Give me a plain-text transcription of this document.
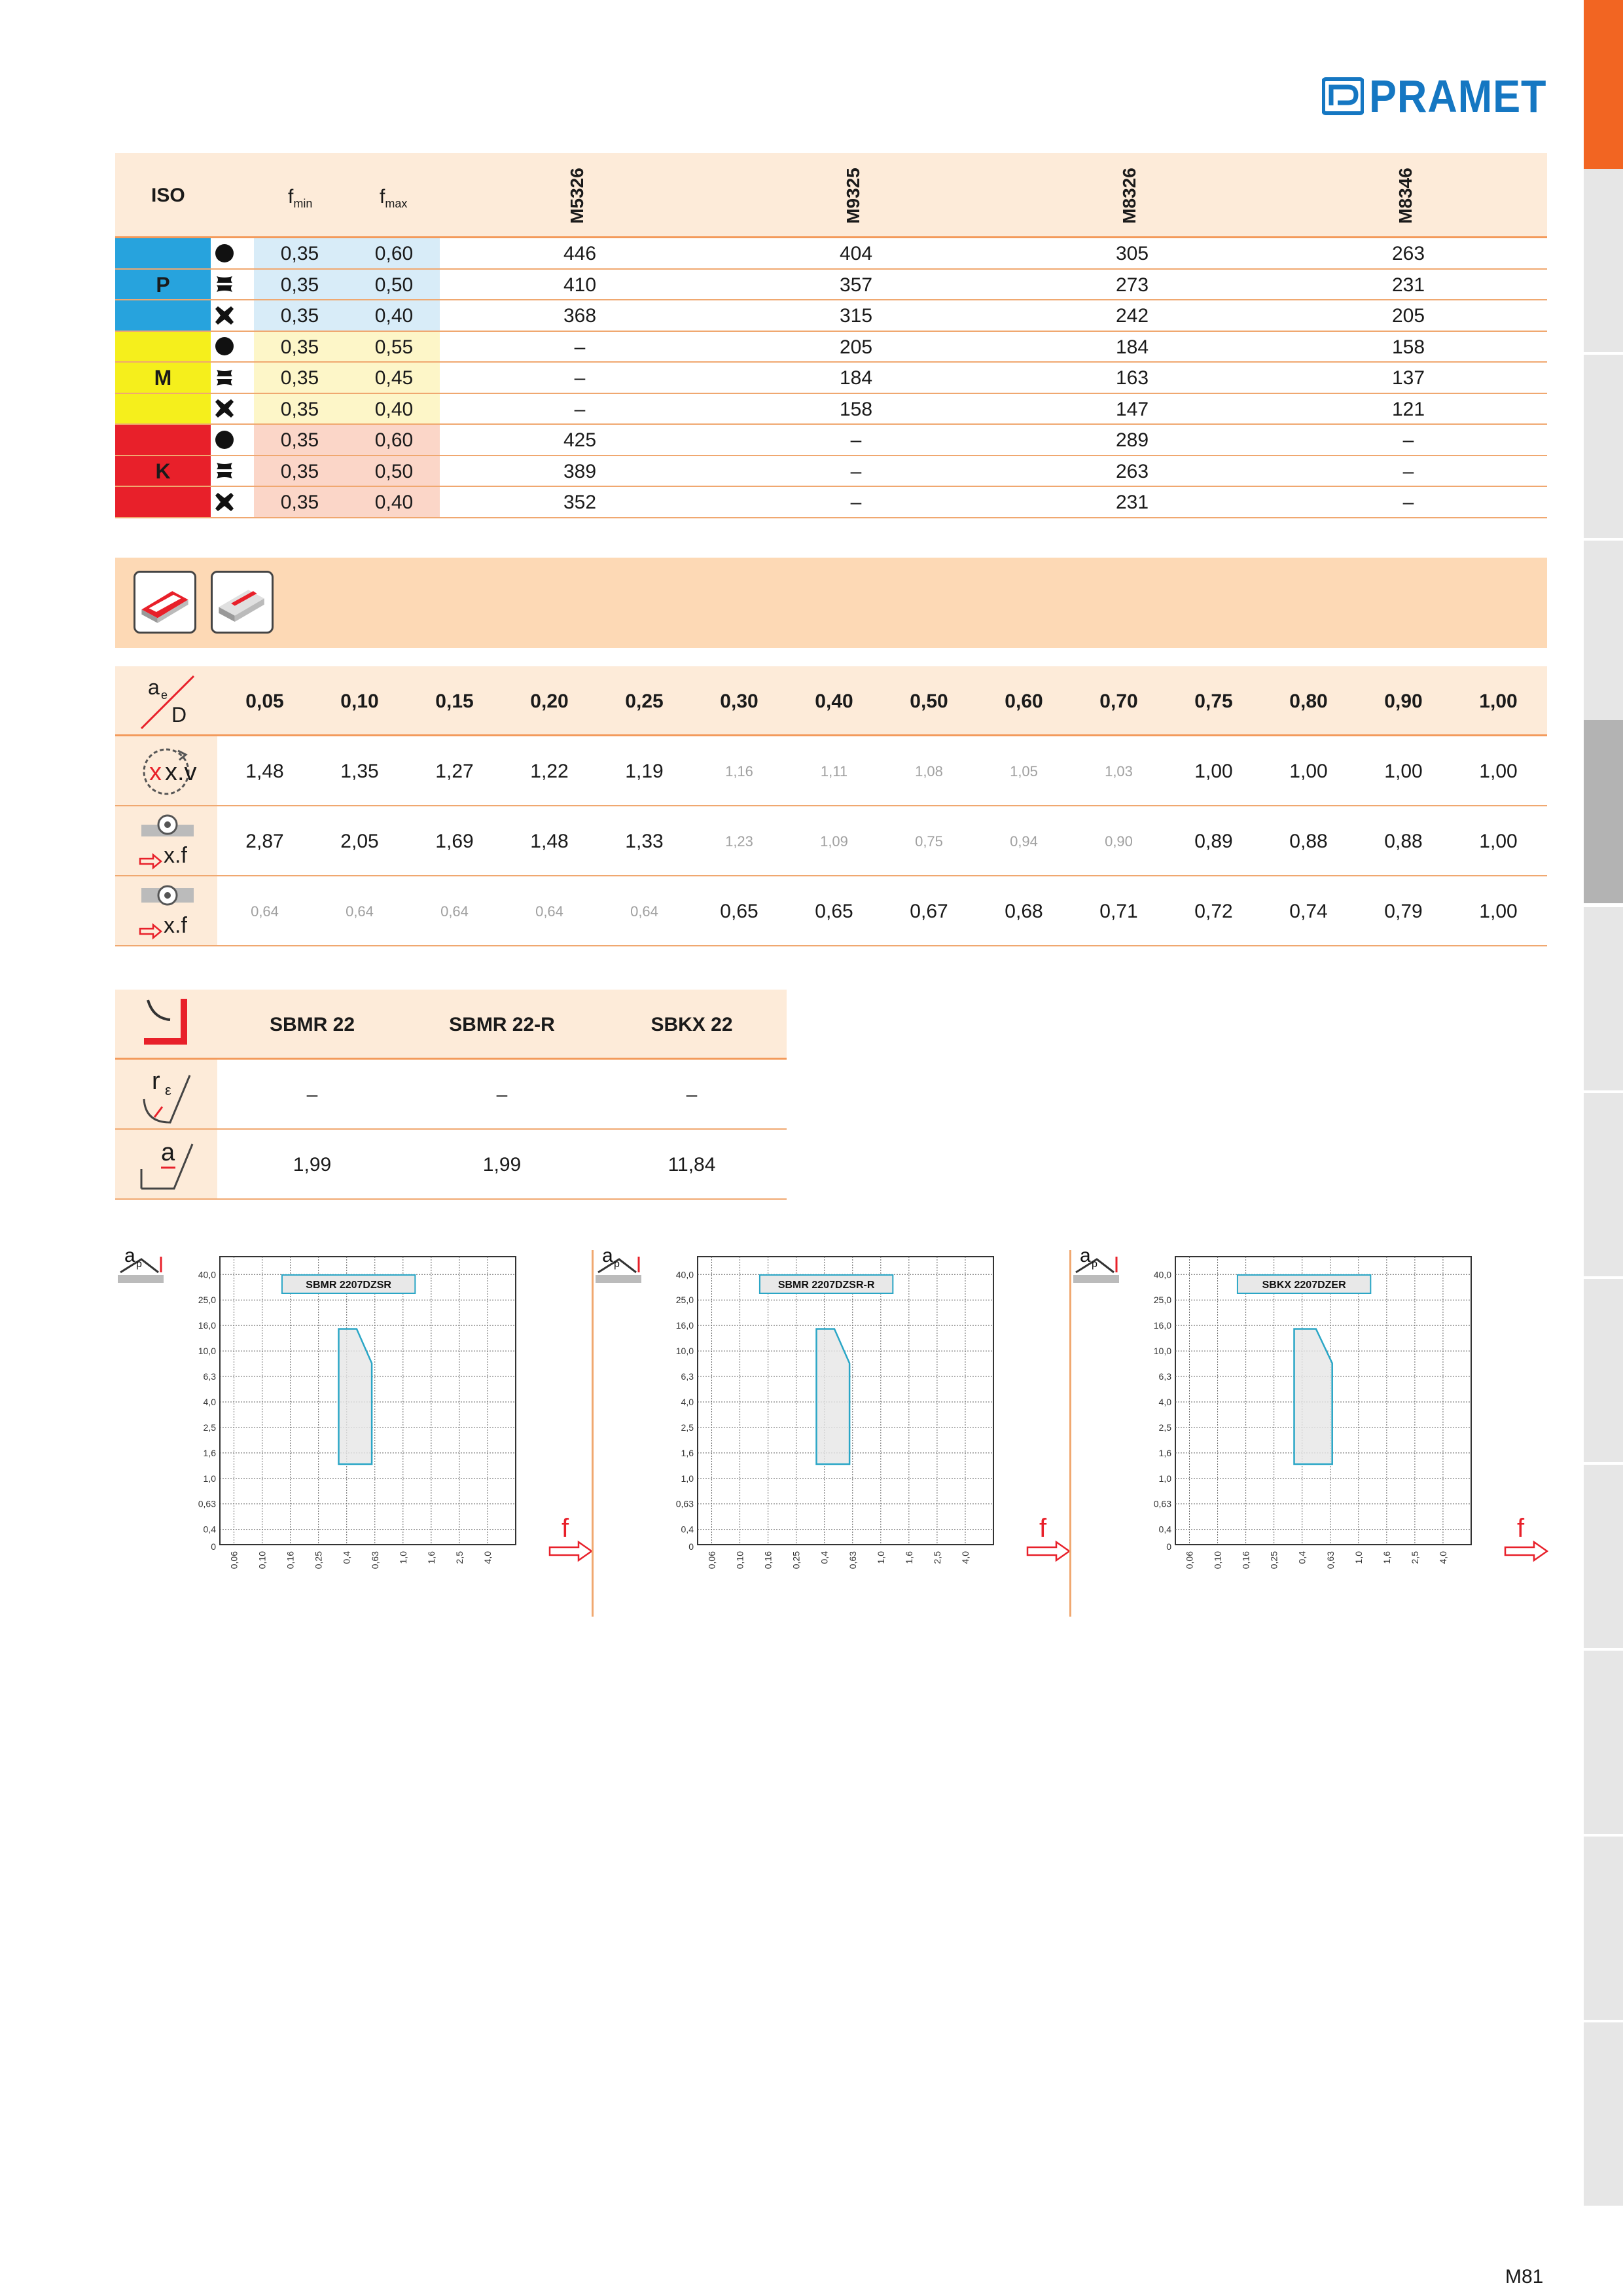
PRAMET
ISO	$f_{min}$	$f_{max}$	M5326	M9325	M8326	M8346
P
0,35	0,60	446	404	305	263
0,35	0,50	410	357	273	231
0,35	0,40	368	315	242	205
M
0,35	0,55	–	205	184	158
0,35	0,45	–	184	163	137
0,35	0,40	–	158	147	121
K
0,35	0,60	425	–	289	–
0,35	0,50	389	–	263	–
0,35	0,40	352	–	231	–
a e
D
0,05	0,10	0,15	0,20	0,25	0,30	0,40	0,50	0,60	0,70	0,75	0,80	0,90	1,00
x x.v	1,48	1,35	1,27	1,22	1,19	1,16	1,11	1,08	1,05	1,03	1,00	1,00	1,00	1,00
x.f
2,87	2,05	1,69	1,48	1,33	1,23	1,09	0,75	0,94	0,90	0,89	0,88	0,88	1,00
x.f
0,64	0,64	0,64	0,64	0,64	0,65	0,65	0,67	0,68	0,71	0,72	0,74	0,79	1,00
SBMR 22	SBMR 22-R	SBKX 22
r ε	–	–	–
a	1,99	1,99	11,84
0,4
0,63
1,0
1,6
2,5
4,0
6,3
10,0
16,0
25,0
40,0
0
0,06 0,10 0,16 0,25 0,4 0,63 1,0 1,6 2,5 4,0
SBMR 2207DZSR
a p
f	0,4
0,63
1,0
1,6
2,5
4,0
6,3
10,0
16,0
25,0
40,0
0
0,06 0,10 0,16 0,25 0,4 0,63 1,0 1,6 2,5 4,0
SBMR 2207DZSR-R
a p
f	0,4
0,63
1,0
1,6
2,5
4,0
6,3
10,0
16,0
25,0
40,0
0
0,06 0,10 0,16 0,25 0,4 0,63 1,0 1,6 2,5 4,0
SBKX 2207DZER
a p
f
M81
